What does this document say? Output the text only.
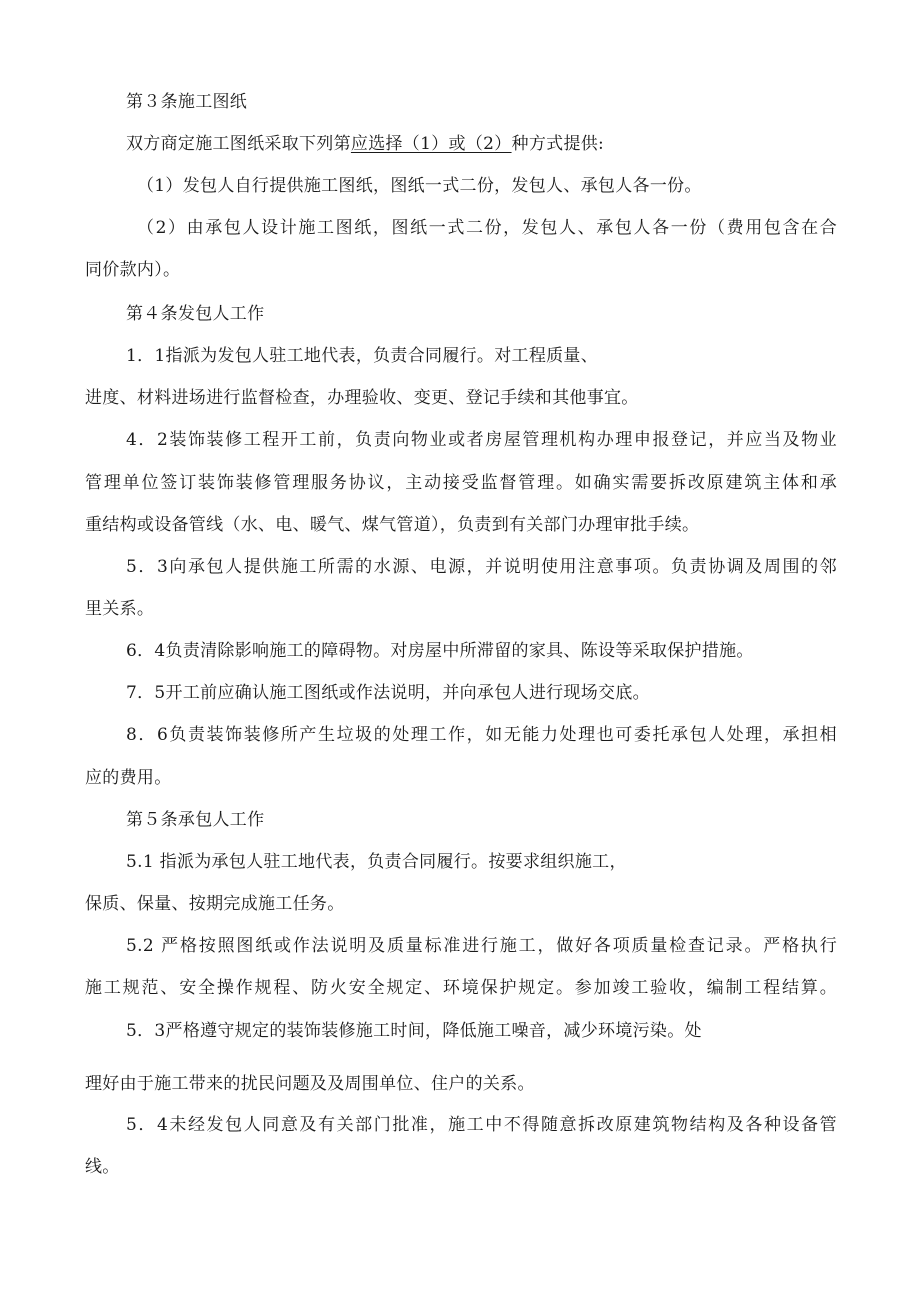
第３条施工图纸
双方商定施工图纸采取下列第应选择（1）或（2）种方式提供:
（1）发包人自行提供施工图纸，图纸一式二份，发包人、承包人各一份。
（2）由承包人设计施工图纸，图纸一式二份，发包人、承包人各一份（费用包含在合
同价款内）。
第４条发包人工作
1．1指派为发包人驻工地代表，负责合同履行。对工程质量、
进度、材料进场进行监督检查，办理验收、变更、登记手续和其他事宜。
4．2装饰装修工程开工前，负责向物业或者房屋管理机构办理申报登记，并应当及物业
管理单位签订装饰装修管理服务协议，主动接受监督管理。如确实需要拆改原建筑主体和承
重结构或设备管线（水、电、暖气、煤气管道），负责到有关部门办理审批手续。
5．3向承包人提供施工所需的水源、电源，并说明使用注意事项。负责协调及周围的邻
里关系。
6．4负责清除影响施工的障碍物。对房屋中所滞留的家具、陈设等采取保护措施。
7．5开工前应确认施工图纸或作法说明，并向承包人进行现场交底。
8．6负责装饰装修所产生垃圾的处理工作，如无能力处理也可委托承包人处理，承担相
应的费用。
第５条承包人工作
5.1 指派为承包人驻工地代表，负责合同履行。按要求组织施工，
保质、保量、按期完成施工任务。
5.2 严格按照图纸或作法说明及质量标准进行施工，做好各项质量检查记录。严格执行
施工规范、安全操作规程、防火安全规定、环境保护规定。参加竣工验收，编制工程结算。
5．3严格遵守规定的装饰装修施工时间，降低施工噪音，减少环境污染。处
理好由于施工带来的扰民问题及及周围单位、住户的关系。
5．4未经发包人同意及有关部门批准，施工中不得随意拆改原建筑物结构及各种设备管
线。
